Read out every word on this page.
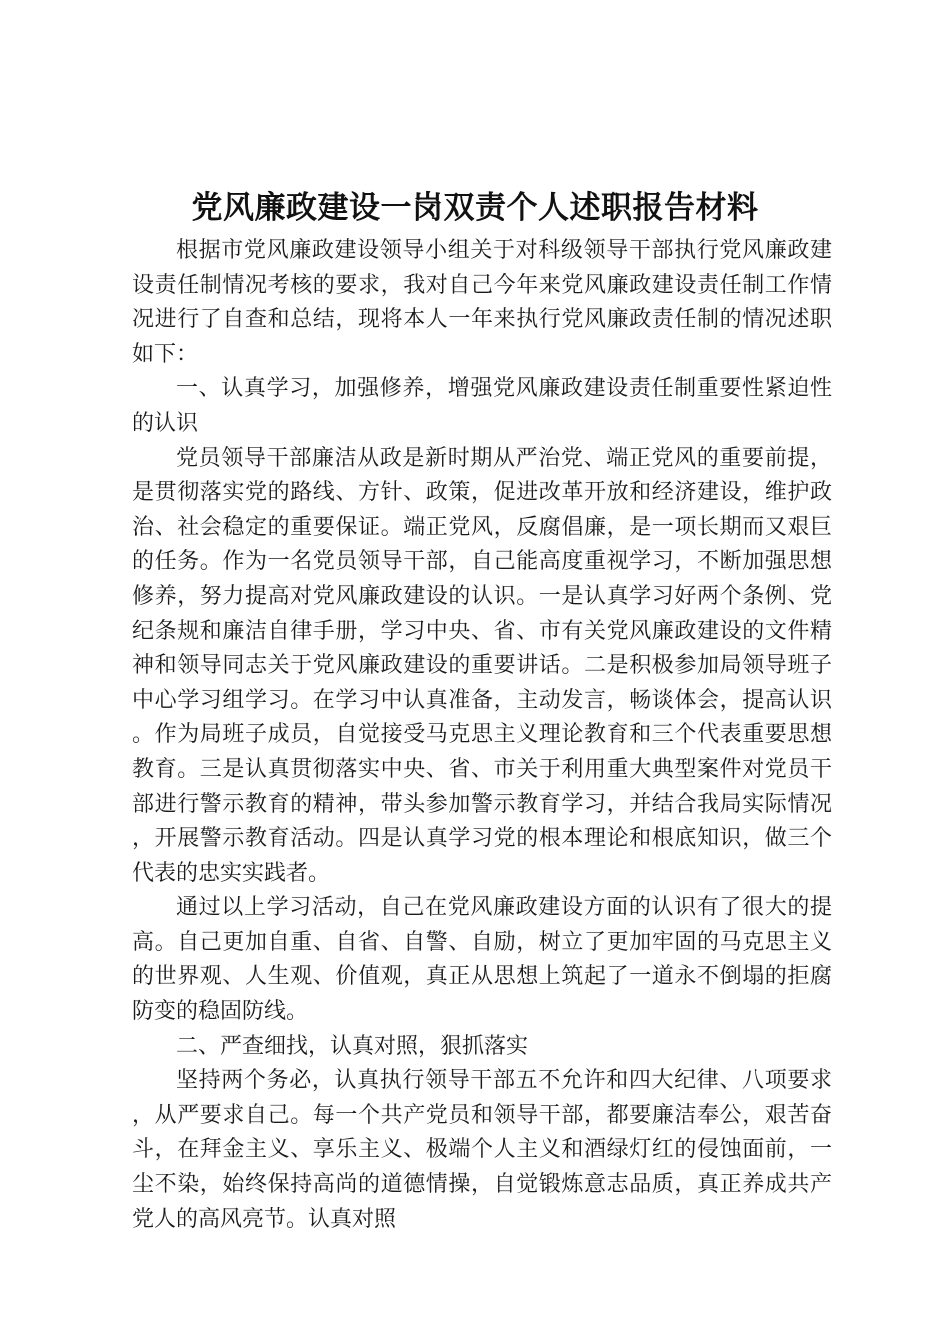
党风廉政建设一岗双责个人述职报告材料

根据市党风廉政建设领导小组关于对科级领导干部执行党风廉政建设责任制情况考核的要求，我对自己今年来党风廉政建设责任制工作情况进行了自查和总结，现将本人一年来执行党风廉政责任制的情况述职如下：

一、认真学习，加强修养，增强党风廉政建设责任制重要性紧迫性的认识

党员领导干部廉洁从政是新时期从严治党、端正党风的重要前提，是贯彻落实党的路线、方针、政策，促进改革开放和经济建设，维护政治、社会稳定的重要保证。端正党风，反腐倡廉，是一项长期而又艰巨的任务。作为一名党员领导干部，自己能高度重视学习，不断加强思想修养，努力提高对党风廉政建设的认识。一是认真学习好两个条例、党纪条规和廉洁自律手册，学习中央、省、市有关党风廉政建设的文件精神和领导同志关于党风廉政建设的重要讲话。二是积极参加局领导班子中心学习组学习。在学习中认真准备，主动发言，畅谈体会，提高认识。作为局班子成员，自觉接受马克思主义理论教育和三个代表重要思想教育。三是认真贯彻落实中央、省、市关于利用重大典型案件对党员干部进行警示教育的精神，带头参加警示教育学习，并结合我局实际情况，开展警示教育活动。四是认真学习党的根本理论和根底知识，做三个代表的忠实实践者。

通过以上学习活动，自己在党风廉政建设方面的认识有了很大的提高。自己更加自重、自省、自警、自励，树立了更加牢固的马克思主义的世界观、人生观、价值观，真正从思想上筑起了一道永不倒塌的拒腐防变的稳固防线。

二、严查细找，认真对照，狠抓落实

坚持两个务必，认真执行领导干部五不允许和四大纪律、八项要求，从严要求自己。每一个共产党员和领导干部，都要廉洁奉公，艰苦奋斗，在拜金主义、享乐主义、极端个人主义和酒绿灯红的侵蚀面前，一尘不染，始终保持高尚的道德情操，自觉锻炼意志品质，真正养成共产党人的高风亮节。认真对照
